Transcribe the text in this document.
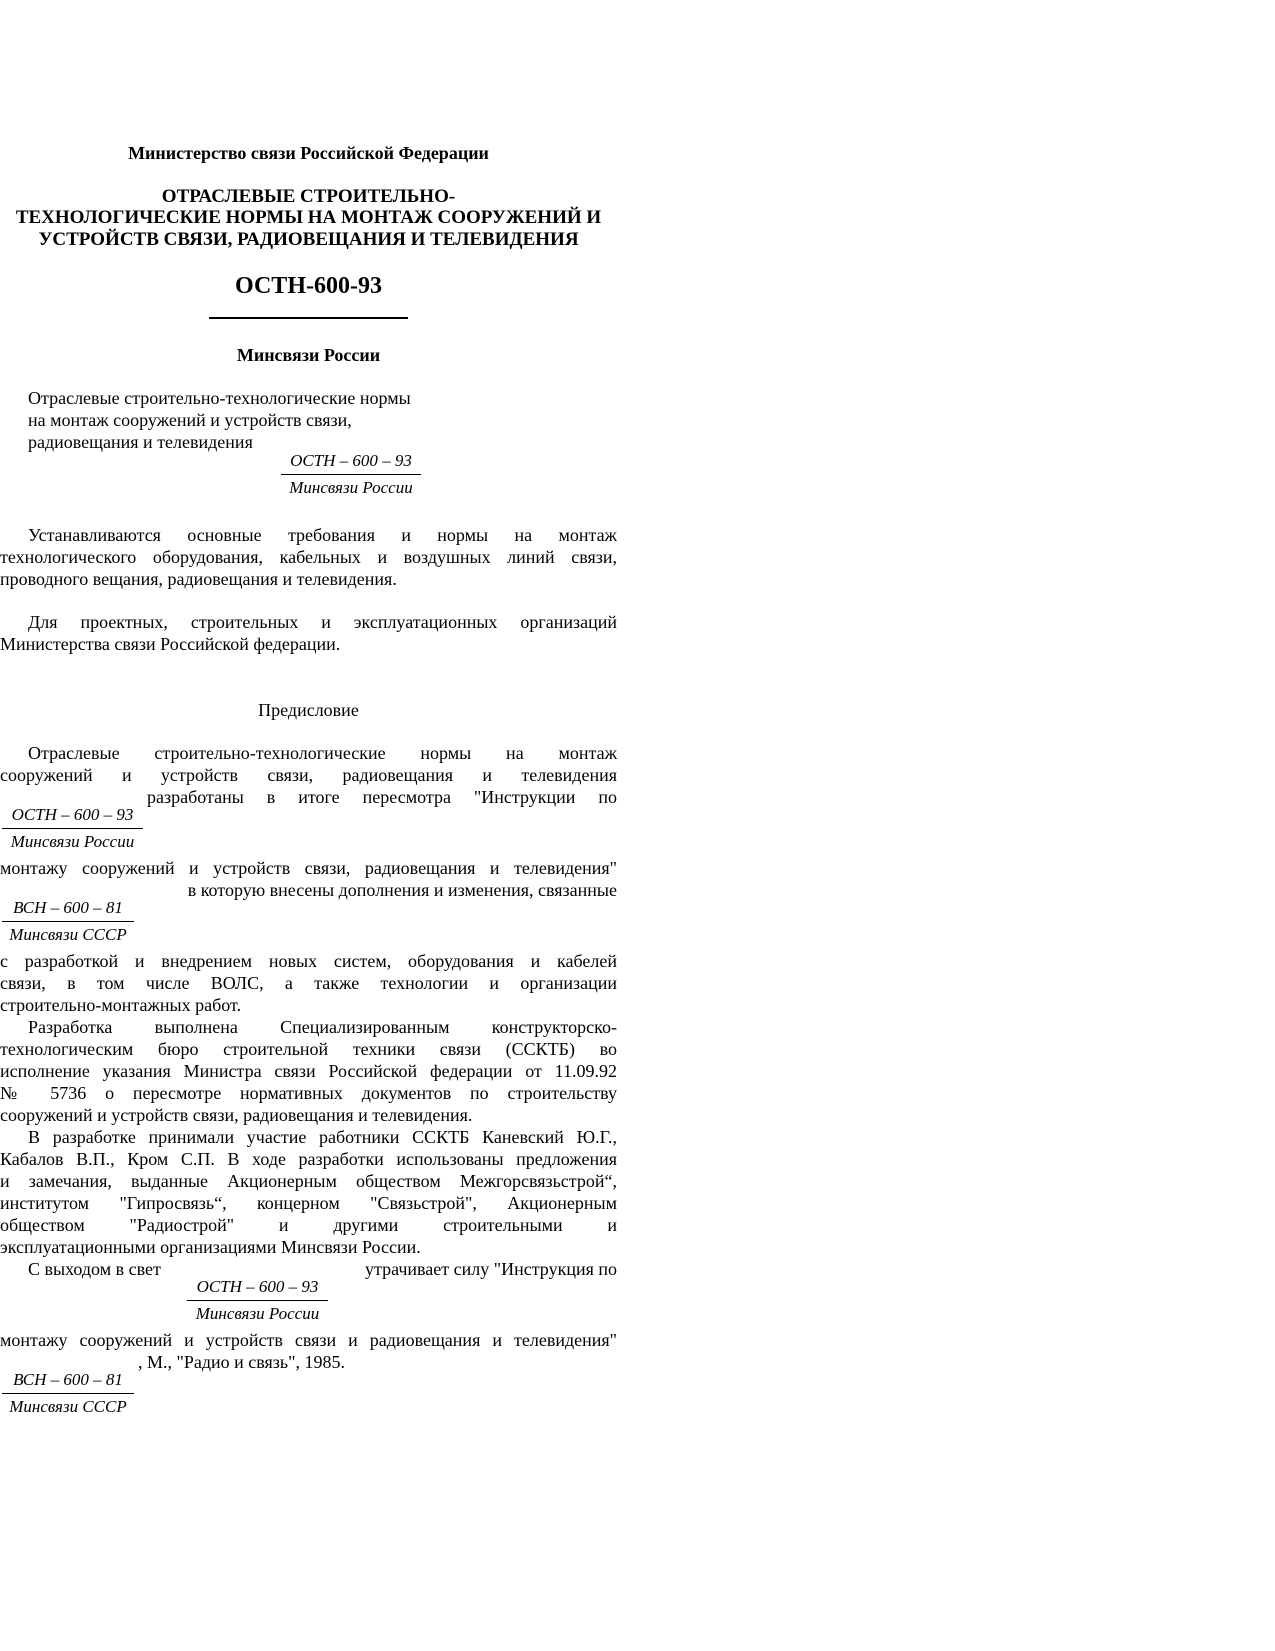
Министерство связи Российской Федерации
ОТРАСЛЕВЫЕ СТРОИТЕЛЬНО-
ТЕХНОЛОГИЧЕСКИЕ НОРМЫ НА МОНТАЖ СООРУЖЕНИЙ И
УСТРОЙСТВ СВЯЗИ, РАДИОВЕЩАНИЯ И ТЕЛЕВИДЕНИЯ
ОСТН-600-93
Минсвязи России
Отраслевые строительно-технологические нормы
на монтаж сооружений и устройств связи,
радиовещания и телевидения
ОСТН – 600 – 93
Минсвязи России
Устанавливаются основные требования и нормы на монтаж
технологического оборудования, кабельных и воздушных линий связи,
проводного вещания, радиовещания и телевидения.
Для проектных, строительных и эксплуатационных организаций
Министерства связи Российской федерации.
Предисловие
Отраслевые строительно-технологические нормы на монтаж
сооружений и устройств связи, радиовещания и телевидения
разработаны в итоге пересмотра "Инструкции по
ОСТН – 600 – 93
Минсвязи России
монтажу сооружений и устройств связи, радиовещания и телевидения"
в которую внесены дополнения и изменения, связанные
ВСН – 600 – 81
Минсвязи СССР
с разработкой и внедрением новых систем, оборудования и кабелей
связи, в том числе ВОЛС, а также технологии и организации
строительно-монтажных работ.
Разработка выполнена Специализированным конструкторско-
технологическим бюро строительной техники связи (ССКТБ) во
исполнение указания Министра связи Российской федерации от 11.09.92
№ 5736 о пересмотре нормативных документов по строительству
сооружений и устройств связи, радиовещания и телевидения.
В разработке принимали участие работники ССКТБ Каневский Ю.Г.,
Кабалов В.П., Кром С.П. В ходе разработки использованы предложения
и замечания, выданные Акционерным обществом Межгорсвязьстрой“,
институтом "Гипросвязь“, концерном "Связьстрой", Акционерным
обществом "Радиострой" и другими строительными и
эксплуатационными организациями Минсвязи России.
С выходом в свет	утрачивает силу "Инструкция по
ОСТН – 600 – 93
Минсвязи России
монтажу сооружений и устройств связи и радиовещания и телевидения"
, М., "Радио и связь", 1985.
ВСН – 600 – 81
Минсвязи СССР
